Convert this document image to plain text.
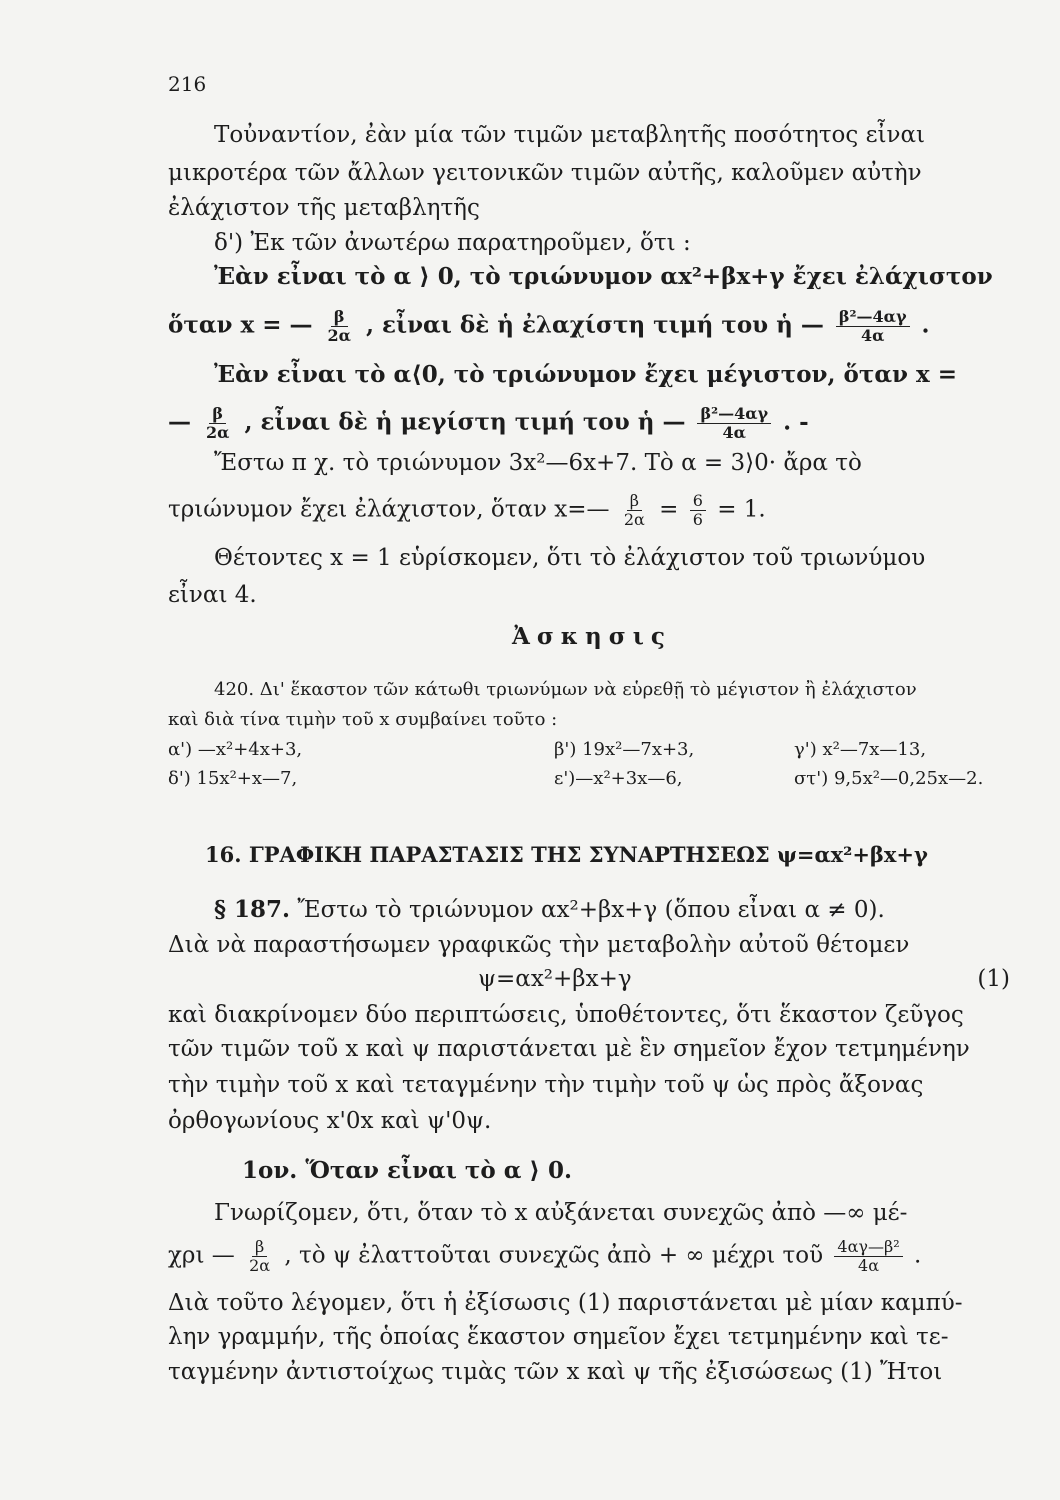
216
Τοὐναντίον, ἐὰν μία τῶν τιμῶν μεταβλητῆς ποσότητος εἶναι
μικροτέρα τῶν ἄλλων γειτονικῶν τιμῶν αὐτῆς, καλοῦμεν αὐτὴν
ἐλάχιστον τῆς μεταβλητῆς
δ') Ἐκ τῶν ἀνωτέρω παρατηροῦμεν, ὅτι :
Ἐὰν εἶναι τὸ α ⟩ 0, τὸ τριώνυμον αx²+βx+γ ἔχει ἐλάχιστον
ὅταν x = — $\frac{\beta}{2\alpha}$ , εἶναι δὲ ἡ ἐλαχίστη τιμή του ἡ — $\frac{\text{β²—4αγ}}{4\alpha}$ .
Ἐὰν εἶναι τὸ α⟨0, τὸ τριώνυμον ἔχει μέγιστον, ὅταν x =
— $\frac{\beta}{2\alpha}$ , εἶναι δὲ ἡ μεγίστη τιμή του ἡ — $\frac{\text{β²—4αγ}}{4\alpha}$ . -
Ἔστω π χ. τὸ τριώνυμον 3x²—6x+7. Τὸ α = 3⟩0· ἄρα τὸ
τριώνυμον ἔχει ἐλάχιστον, ὅταν x=— $\frac{\beta}{2\alpha} = \frac{6}{6} = 1$.
Θέτοντες x = 1 εὑρίσκομεν, ὅτι τὸ ἐλάχιστον τοῦ τριωνύμου
εἶναι 4.
Ἀσκησις
420. Δι' ἕκαστον τῶν κάτωθι τριωνύμων νὰ εὑρεθῇ τὸ μέγιστον ἢ ἐλάχιστον
καὶ διὰ τίνα τιμὴν τοῦ x συμβαίνει τοῦτο :
α') —x²+4x+3,	β') 19x²—7x+3,	γ') x²—7x—13,
δ') 15x²+x—7,	ε')—x²+3x—6,	στ') 9,5x²—0,25x—2.
16. ΓΡΑΦΙΚΗ ΠΑΡΑΣΤΑΣΙΣ ΤΗΣ ΣΥΝΑΡΤΗΣΕΩΣ ψ=αx²+βx+γ
§ 187. Ἔστω τὸ τριώνυμον αx²+βx+γ (ὅπου εἶναι α ≠ 0).
Διὰ νὰ παραστήσωμεν γραφικῶς τὴν μεταβολὴν αὐτοῦ θέτομεν
ψ=αx²+βx+γ	(1)
καὶ διακρίνομεν δύο περιπτώσεις, ὑποθέτοντες, ὅτι ἕκαστον ζεῦγος
τῶν τιμῶν τοῦ x καὶ ψ παριστάνεται μὲ ἓν σημεῖον ἔχον τετμημένην
τὴν τιμὴν τοῦ x καὶ τεταγμένην τὴν τιμὴν τοῦ ψ ὡς πρὸς ἄξονας
ὀρθογωνίους x'0x καὶ ψ'0ψ.
1ον. Ὅταν εἶναι τὸ α ⟩ 0.
Γνωρίζομεν, ὅτι, ὅταν τὸ x αὐξάνεται συνεχῶς ἀπὸ —∞ μέ-
χρι — $\frac{\beta}{2\alpha}$ , τὸ ψ ἐλαττοῦται συνεχῶς ἀπὸ + ∞ μέχρι τοῦ $\frac{\text{4αγ—β²}}{4\alpha}$ .
Διὰ τοῦτο λέγομεν, ὅτι ἡ ἐξίσωσις (1) παριστάνεται μὲ μίαν καμπύ-
λην γραμμήν, τῆς ὁποίας ἕκαστον σημεῖον ἔχει τετμημένην καὶ τε-
ταγμένην ἀντιστοίχως τιμὰς τῶν x καὶ ψ τῆς ἐξισώσεως (1) Ἤτοι
